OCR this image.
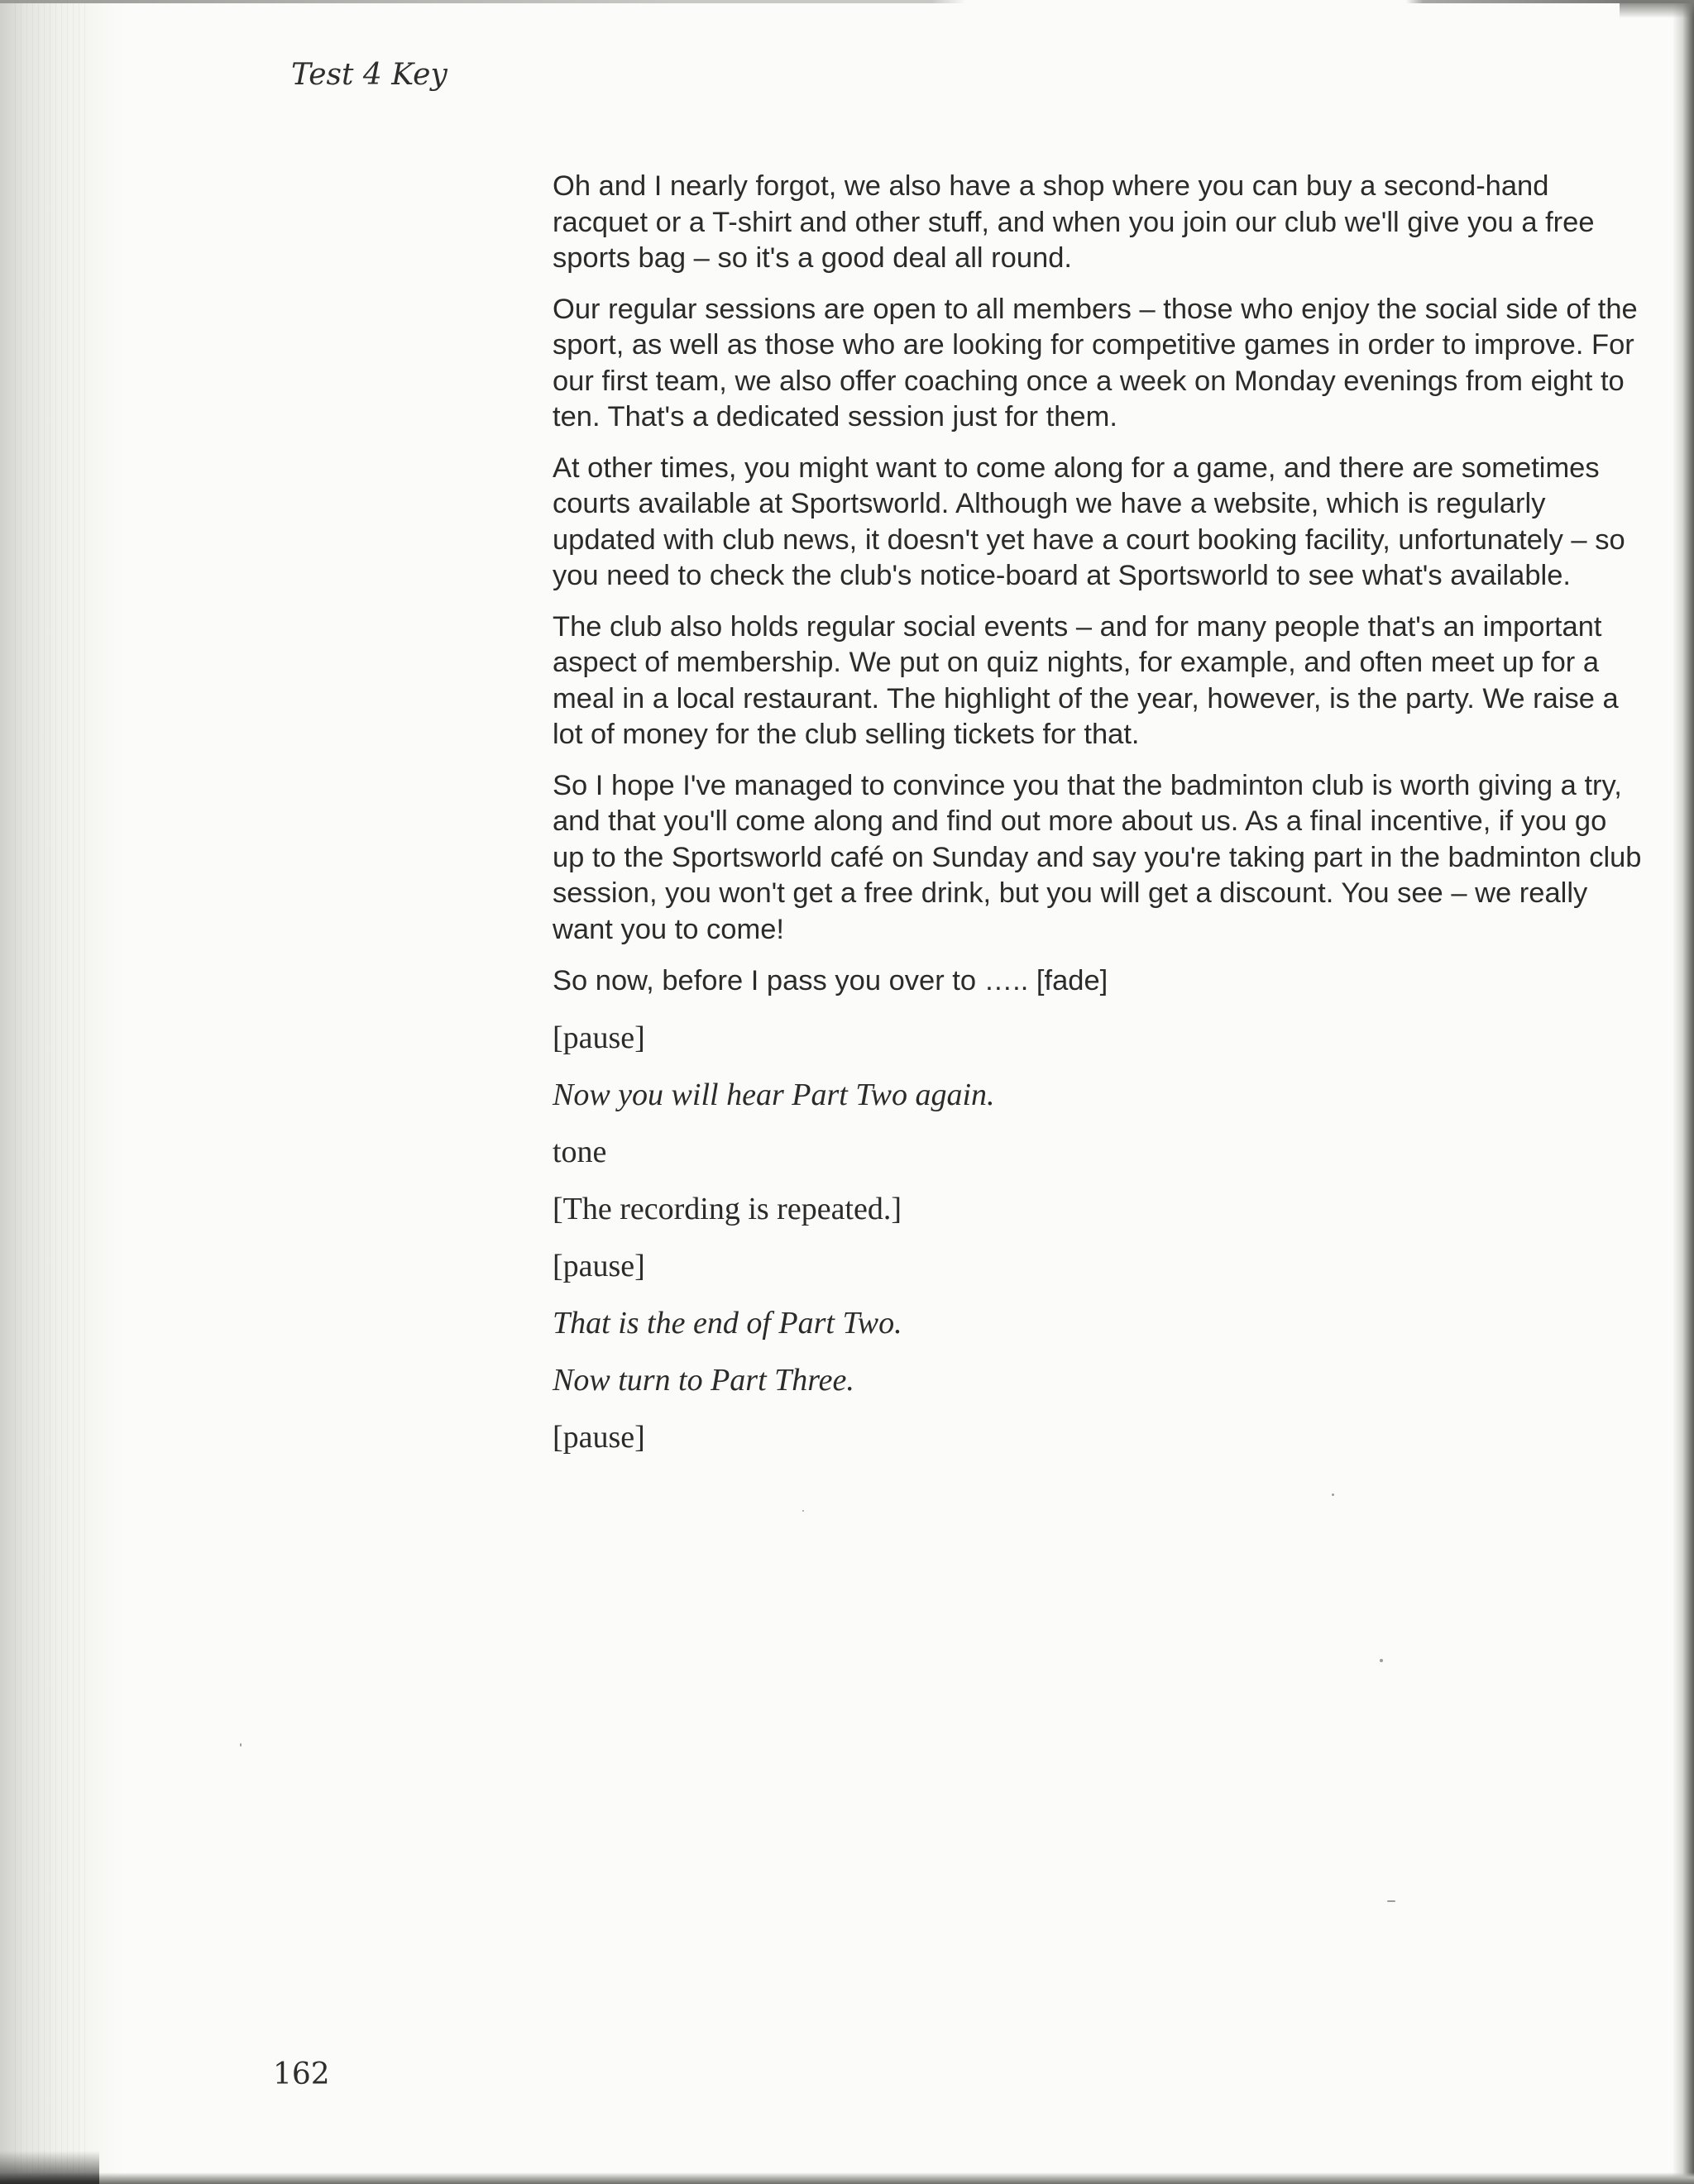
Test 4 Key

Oh and I nearly forgot, we also have a shop where you can buy a second-hand racquet or a T-shirt and other stuff, and when you join our club we'll give you a free sports bag – so it's a good deal all round.

Our regular sessions are open to all members – those who enjoy the social side of the sport, as well as those who are looking for competitive games in order to improve. For our first team, we also offer coaching once a week on Monday evenings from eight to ten. That's a dedicated session just for them.

At other times, you might want to come along for a game, and there are sometimes courts available at Sportsworld. Although we have a website, which is regularly updated with club news, it doesn't yet have a court booking facility, unfortunately – so you need to check the club's notice-board at Sportsworld to see what's available.

The club also holds regular social events – and for many people that's an important aspect of membership. We put on quiz nights, for example, and often meet up for a meal in a local restaurant. The highlight of the year, however, is the party. We raise a lot of money for the club selling tickets for that.

So I hope I've managed to convince you that the badminton club is worth giving a try, and that you'll come along and find out more about us. As a final incentive, if you go up to the Sportsworld café on Sunday and say you're taking part in the badminton club session, you won't get a free drink, but you will get a discount. You see – we really want you to come!

So now, before I pass you over to ….. [fade]

[pause]

Now you will hear Part Two again.

tone

[The recording is repeated.]

[pause]

That is the end of Part Two.

Now turn to Part Three.

[pause]

162
